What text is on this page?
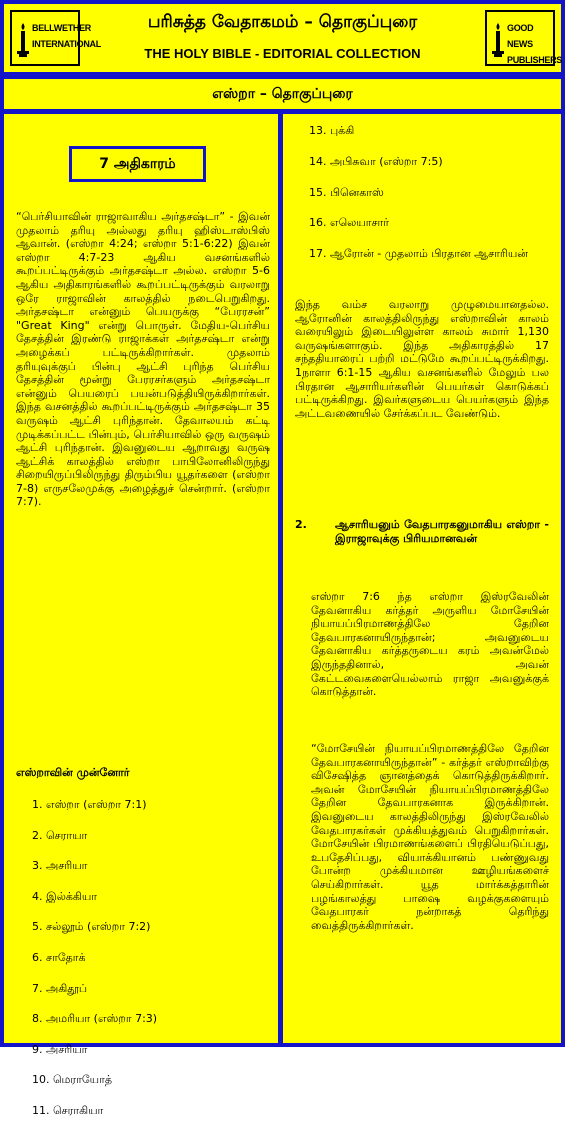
BELLWETHER
INTERNATIONAL
பரிசுத்த வேதாகமம் – தொகுப்புரை
THE HOLY BIBLE - EDITORIAL COLLECTION
GOOD NEWS
PUBLISHERS
எஸ்றா – தொகுப்புரை
7 அதிகாரம்
“பெர்சியாவின் ராஜாவாகிய அர்தசஷ்டா” - இவன் முதலாம் தரியு அல்லது தரியு ஹிஸ்டாஸ்பிஸ் ஆவான். (எஸ்றா 4:24; எஸ்றா 5:1-6:22) இவன் எஸ்றா 4:7-23 ஆகிய வசனங்களில் கூறப்பட்டிருக்கும் அர்தசஷ்டா அல்ல. எஸ்றா 5-6 ஆகிய அதிகாரங்களில் கூறப்பட்டிருக்கும் வரலாறு ஒரே ராஜாவின் காலத்தில் நடைபெறுகிறது. அர்தசஷ்டா என்னும் பெயருக்கு “பேரரசன்” "Great King" என்று பொருள். மேதிய-பெர்சிய தேசத்தின் இரண்டு ராஜாக்கள் அர்தசஷ்டா என்று அழைக்கப் பட்டிருக்கிறார்கள். முதலாம் தரியுவுக்குப் பின்பு ஆட்சி புரிந்த பெர்சிய தேசத்தின் மூன்று பேரரசர்களும் அர்தசஷ்டா என்னும் பெயரைப் பயன்படுத்தியிருக்கிறார்கள். இந்த வசனத்தில் கூறப்பட்டிருக்கும் அர்தசஷ்டா 35 வருஷம் ஆட்சி புரிந்தான். தேவாலயம் கட்டி முடிக்கப்பட்ட பின்பும், பெர்சியாவில் ஒரு வருஷம் ஆட்சி புரிந்தான். இவனுடைய ஆறாவது வருஷ ஆட்சிக் காலத்தில் எஸ்றா பாபிலோனிலிருந்து சிறையிருப்பிலிருந்து திரும்பிய யூதர்களை (எஸ்றா 7-8) எருசலேமுக்கு அழைத்துச் சென்றார். (எஸ்றா 7:7).
எஸ்றாவின் முன்னோர்
1. எஸ்றா (எஸ்றா 7:1)
2. செராயா
3. அசரியா
4. இல்க்கியா
5. சல்லூம் (எஸ்றா 7:2)
6. சாதோக்
7. அகிதூப்
8. அமரியா (எஸ்றா 7:3)
9. அசரியா
10. மெராயோத்
11. செராகியா
13. புக்கி
14. அபிசுவா (எஸ்றா 7:5)
15. பினெகாஸ்
16. எலெயாசார்
17. ஆரோன் - முதலாம் பிரதான ஆசாரியன்
இந்த வம்ச வரலாறு முழுமையானதல்ல. ஆரோனின் காலத்திலிருந்து எஸ்றாவின் காலம் வரையிலும் இடையிலுள்ள காலம் சுமார் 1,130 வருஷங்களாகும். இந்த அதிகாரத்தில் 17 சந்ததியாரைப் பற்றி மட்டுமே கூறப்பட்டிருக்கிறது. 1நாளா 6:1-15 ஆகிய வசனங்களில் மேலும் பல பிரதான ஆசாரியர்களின் பெயர்கள் கொடுக்கப் பட்டிருக்கிறது. இவர்களுடைய பெயர்களும் இந்த அட்டவணையில் சேர்க்கப்பட வேண்டும்.
2.	ஆசாரியனும் வேதபாரகனுமாகிய எஸ்றா - இராஜாவுக்கு பிரியமானவன்
எஸ்றா 7:6 ந்த எஸ்றா இஸ்ரவேலின் தேவனாகிய கர்த்தர் அருளிய மோசேயின் நியாயப்பிரமாணத்திலே தேறின தேவபாரகனாயிருந்தான்; அவனுடைய தேவனாகிய கர்த்தருடைய கரம் அவன்மேல் இருந்ததினால், அவன் கேட்டவைகளையெல்லாம் ராஜா அவனுக்குக் கொடுத்தான்.
“மோசேயின் நியாயப்பிரமாணத்திலே தேறின தேவபாரகனாயிருந்தான்” - கர்த்தர் எஸ்றாவிற்கு விசேஷித்த ஞானத்தைக் கொடுத்திருக்கிறார். அவன் மோசேயின் நியாயப்பிரமாணத்திலே தேறின தேவபாரகனாக இருக்கிறான். இவனுடைய காலத்திலிருந்து இஸ்ரவேலில் வேதபாரகர்கள் முக்கியத்துவம் பெறுகிறார்கள். மோசேயின் பிரமாணங்களைப் பிரதியெடுப்பது, உபதேசிப்பது, வியாக்கியானம் பண்ணுவது போன்ற முக்கியமான ஊழியங்களைச் செய்கிறார்கள். யூத மார்க்கத்தாரின் பழங்காலத்து பாஷை வழக்குகளையும் வேதபாரகர் நன்றாகத் தெரிந்து வைத்திருக்கிறார்கள்.
